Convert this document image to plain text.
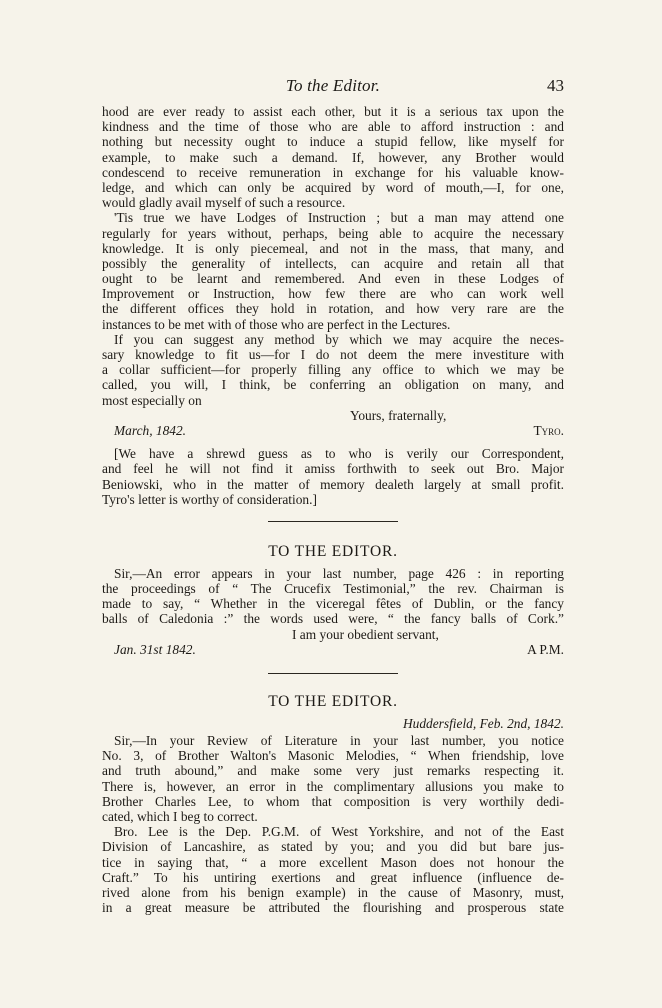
To the Editor.	43
hood are ever ready to assist each other, but it is a serious tax upon the
kindness and the time of those who are able to afford instruction : and
nothing but necessity ought to induce a stupid fellow, like myself for
example, to make such a demand. If, however, any Brother would
condescend to receive remuneration in exchange for his valuable know-
ledge, and which can only be acquired by word of mouth,—I, for one,
would gladly avail myself of such a resource.
'Tis true we have Lodges of Instruction ; but a man may attend one
regularly for years without, perhaps, being able to acquire the necessary
knowledge. It is only piecemeal, and not in the mass, that many, and
possibly the generality of intellects, can acquire and retain all that
ought to be learnt and remembered. And even in these Lodges of
Improvement or Instruction, how few there are who can work well
the different offices they hold in rotation, and how very rare are the
instances to be met with of those who are perfect in the Lectures.
If you can suggest any method by which we may acquire the neces-
sary knowledge to fit us—for I do not deem the mere investiture with
a collar sufficient—for properly filling any office to which we may be
called, you will, I think, be conferring an obligation on many, and
most especially on
Yours, fraternally,
March, 1842.	Tyro.
[We have a shrewd guess as to who is verily our Correspondent,
and feel he will not find it amiss forthwith to seek out Bro. Major
Beniowski, who in the matter of memory dealeth largely at small profit.
Tyro's letter is worthy of consideration.]
TO THE EDITOR.
Sir,—An error appears in your last number, page 426 : in reporting
the proceedings of “ The Crucefix Testimonial,” the rev. Chairman is
made to say, “ Whether in the viceregal fêtes of Dublin, or the fancy
balls of Caledonia :” the words used were, “ the fancy balls of Cork.”
I am your obedient servant,
Jan. 31st 1842.	A P.M.
TO THE EDITOR.
Huddersfield, Feb. 2nd, 1842.
Sir,—In your Review of Literature in your last number, you notice
No. 3, of Brother Walton's Masonic Melodies, “ When friendship, love
and truth abound,” and make some very just remarks respecting it.
There is, however, an error in the complimentary allusions you make to
Brother Charles Lee, to whom that composition is very worthily dedi-
cated, which I beg to correct.
Bro. Lee is the Dep. P.G.M. of West Yorkshire, and not of the East
Division of Lancashire, as stated by you; and you did but bare jus-
tice in saying that, “ a more excellent Mason does not honour the
Craft.” To his untiring exertions and great influence (influence de-
rived alone from his benign example) in the cause of Masonry, must,
in a great measure be attributed the flourishing and prosperous state
